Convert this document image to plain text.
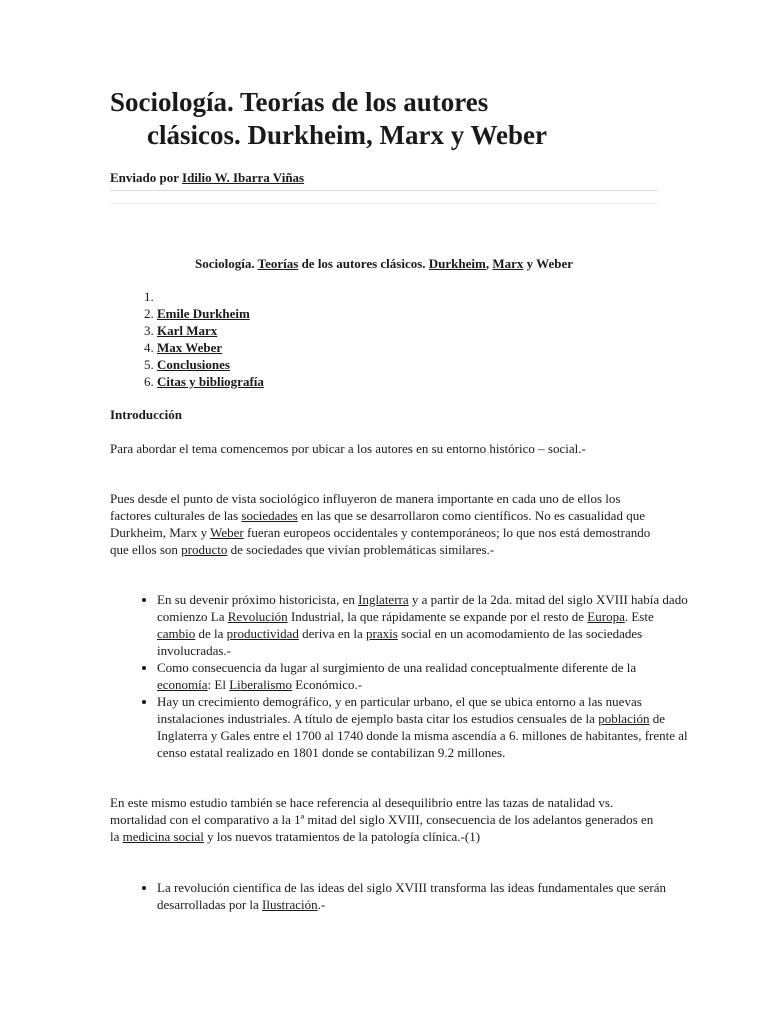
Sociología. Teorías de los autores
clásicos. Durkheim, Marx y Weber
Enviado por Idilio W. Ibarra Viñas
Sociología. Teorías de los autores clásicos. Durkheim, Marx y Weber
1.
2. Emile Durkheim
3. Karl Marx
4. Max Weber
5. Conclusiones
6. Citas y bibliografía

Introducción

Para abordar el tema comencemos por ubicar a los autores en su entorno histórico – social.-

Pues desde el punto de vista sociológico influyeron de manera importante en cada uno de ellos los factores culturales de las sociedades en las que se desarrollaron como científicos. No es casualidad que Durkheim, Marx y Weber fueran europeos occidentales y contemporáneos; lo que nos está demostrando que ellos son producto de sociedades que vivían problemáticas similares.-

• En su devenir próximo historicista, en Inglaterra y a partir de la 2da. mitad del siglo XVIII había dado comienzo La Revolución Industrial, la que rápidamente se expande por el resto de Europa. Este cambio de la productividad deriva en la praxis social en un acomodamiento de las sociedades involucradas.-
• Como consecuencia da lugar al surgimiento de una realidad conceptualmente diferente de la economía: El Liberalismo Económico.-
• Hay un crecimiento demográfico, y en particular urbano, el que se ubica entorno a las nuevas instalaciones industriales. A título de ejemplo basta citar los estudios censuales de la población de Inglaterra y Gales entre el 1700 al 1740 donde la misma ascendía a 6. millones de habitantes, frente al censo estatal realizado en 1801 donde se contabilizan 9.2 millones.

En este mismo estudio también se hace referencia al desequilibrio entre las tazas de natalidad vs. mortalidad con el comparativo a la 1ª mitad del siglo XVIII, consecuencia de los adelantos generados en la medicina social y los nuevos tratamientos de la patología clínica.-(1)

• La revolución científica de las ideas del siglo XVIII transforma las ideas fundamentales que serán desarrolladas por la Ilustración.-
